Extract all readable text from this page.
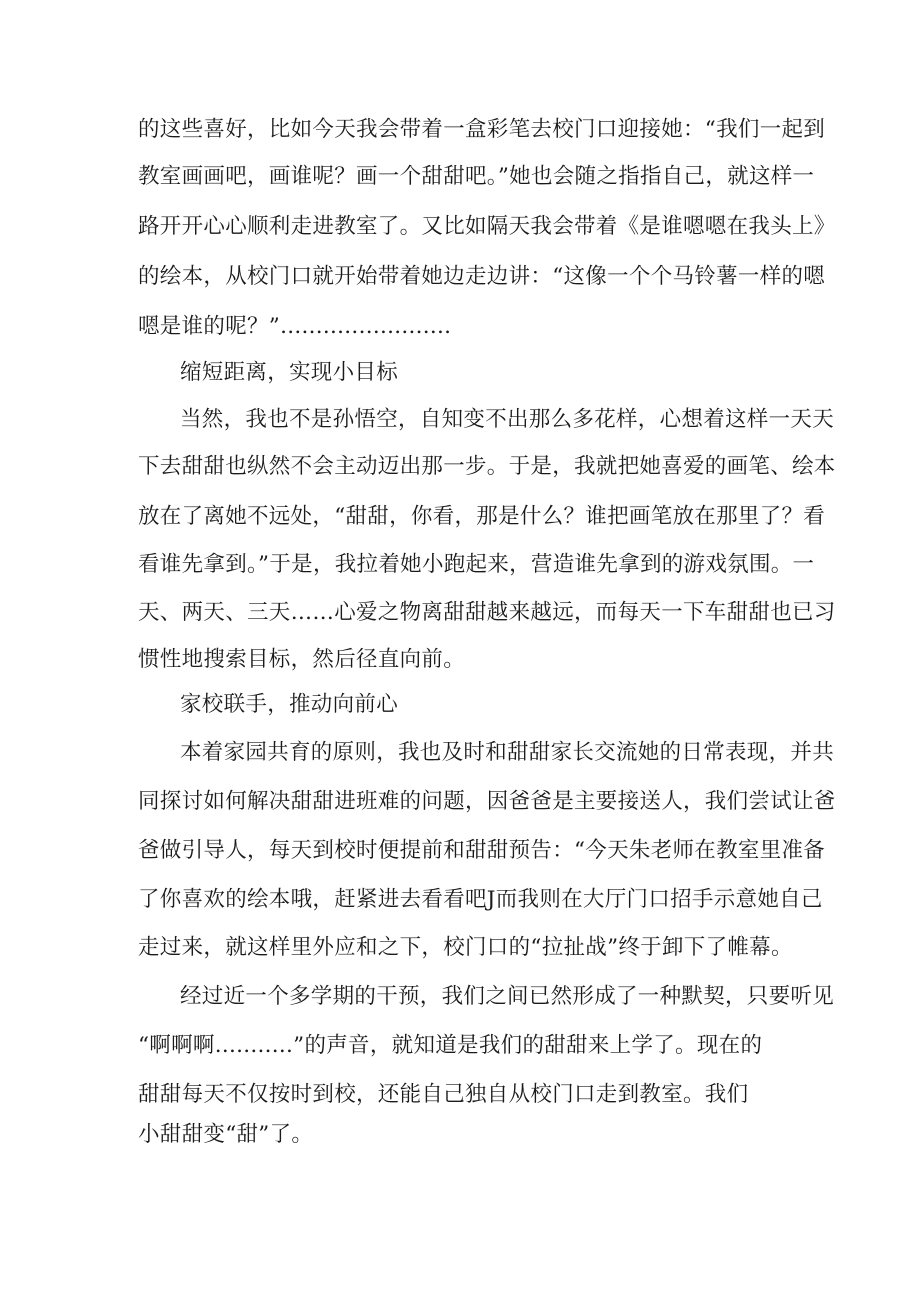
的这些喜好，比如今天我会带着一盒彩笔去校门口迎接她：“我们一起到
教室画画吧，画谁呢？画一个甜甜吧。”她也会随之指指自己，就这样一
路开开心心顺利走进教室了。又比如隔天我会带着《是谁嗯嗯在我头上》
的绘本，从校门口就开始带着她边走边讲：“这像一个个马铃薯一样的嗯
嗯是谁的呢？”........................
缩短距离，实现小目标
当然，我也不是孙悟空，自知变不出那么多花样，心想着这样一天天
下去甜甜也纵然不会主动迈出那一步。于是，我就把她喜爱的画笔、绘本
放在了离她不远处，“甜甜，你看，那是什么？谁把画笔放在那里了？看
看谁先拿到。”于是，我拉着她小跑起来，营造谁先拿到的游戏氛围。一
天、两天、三天……心爱之物离甜甜越来越远，而每天一下车甜甜也已习
惯性地搜索目标，然后径直向前。
家校联手，推动向前心
本着家园共育的原则，我也及时和甜甜家长交流她的日常表现，并共
同探讨如何解决甜甜进班难的问题，因爸爸是主要接送人，我们尝试让爸
爸做引导人，每天到校时便提前和甜甜预告：“今天朱老师在教室里准备
了你喜欢的绘本哦，赶紧进去看看吧J而我则在大厅门口招手示意她自己
走过来，就这样里外应和之下，校门口的“拉扯战”终于卸下了帷幕。
经过近一个多学期的干预，我们之间已然形成了一种默契，只要听见
“啊啊啊...........”的声音，就知道是我们的甜甜来上学了。现在的
甜甜每天不仅按时到校，还能自己独自从校门口走到教室。我们
小甜甜变“甜”了。
